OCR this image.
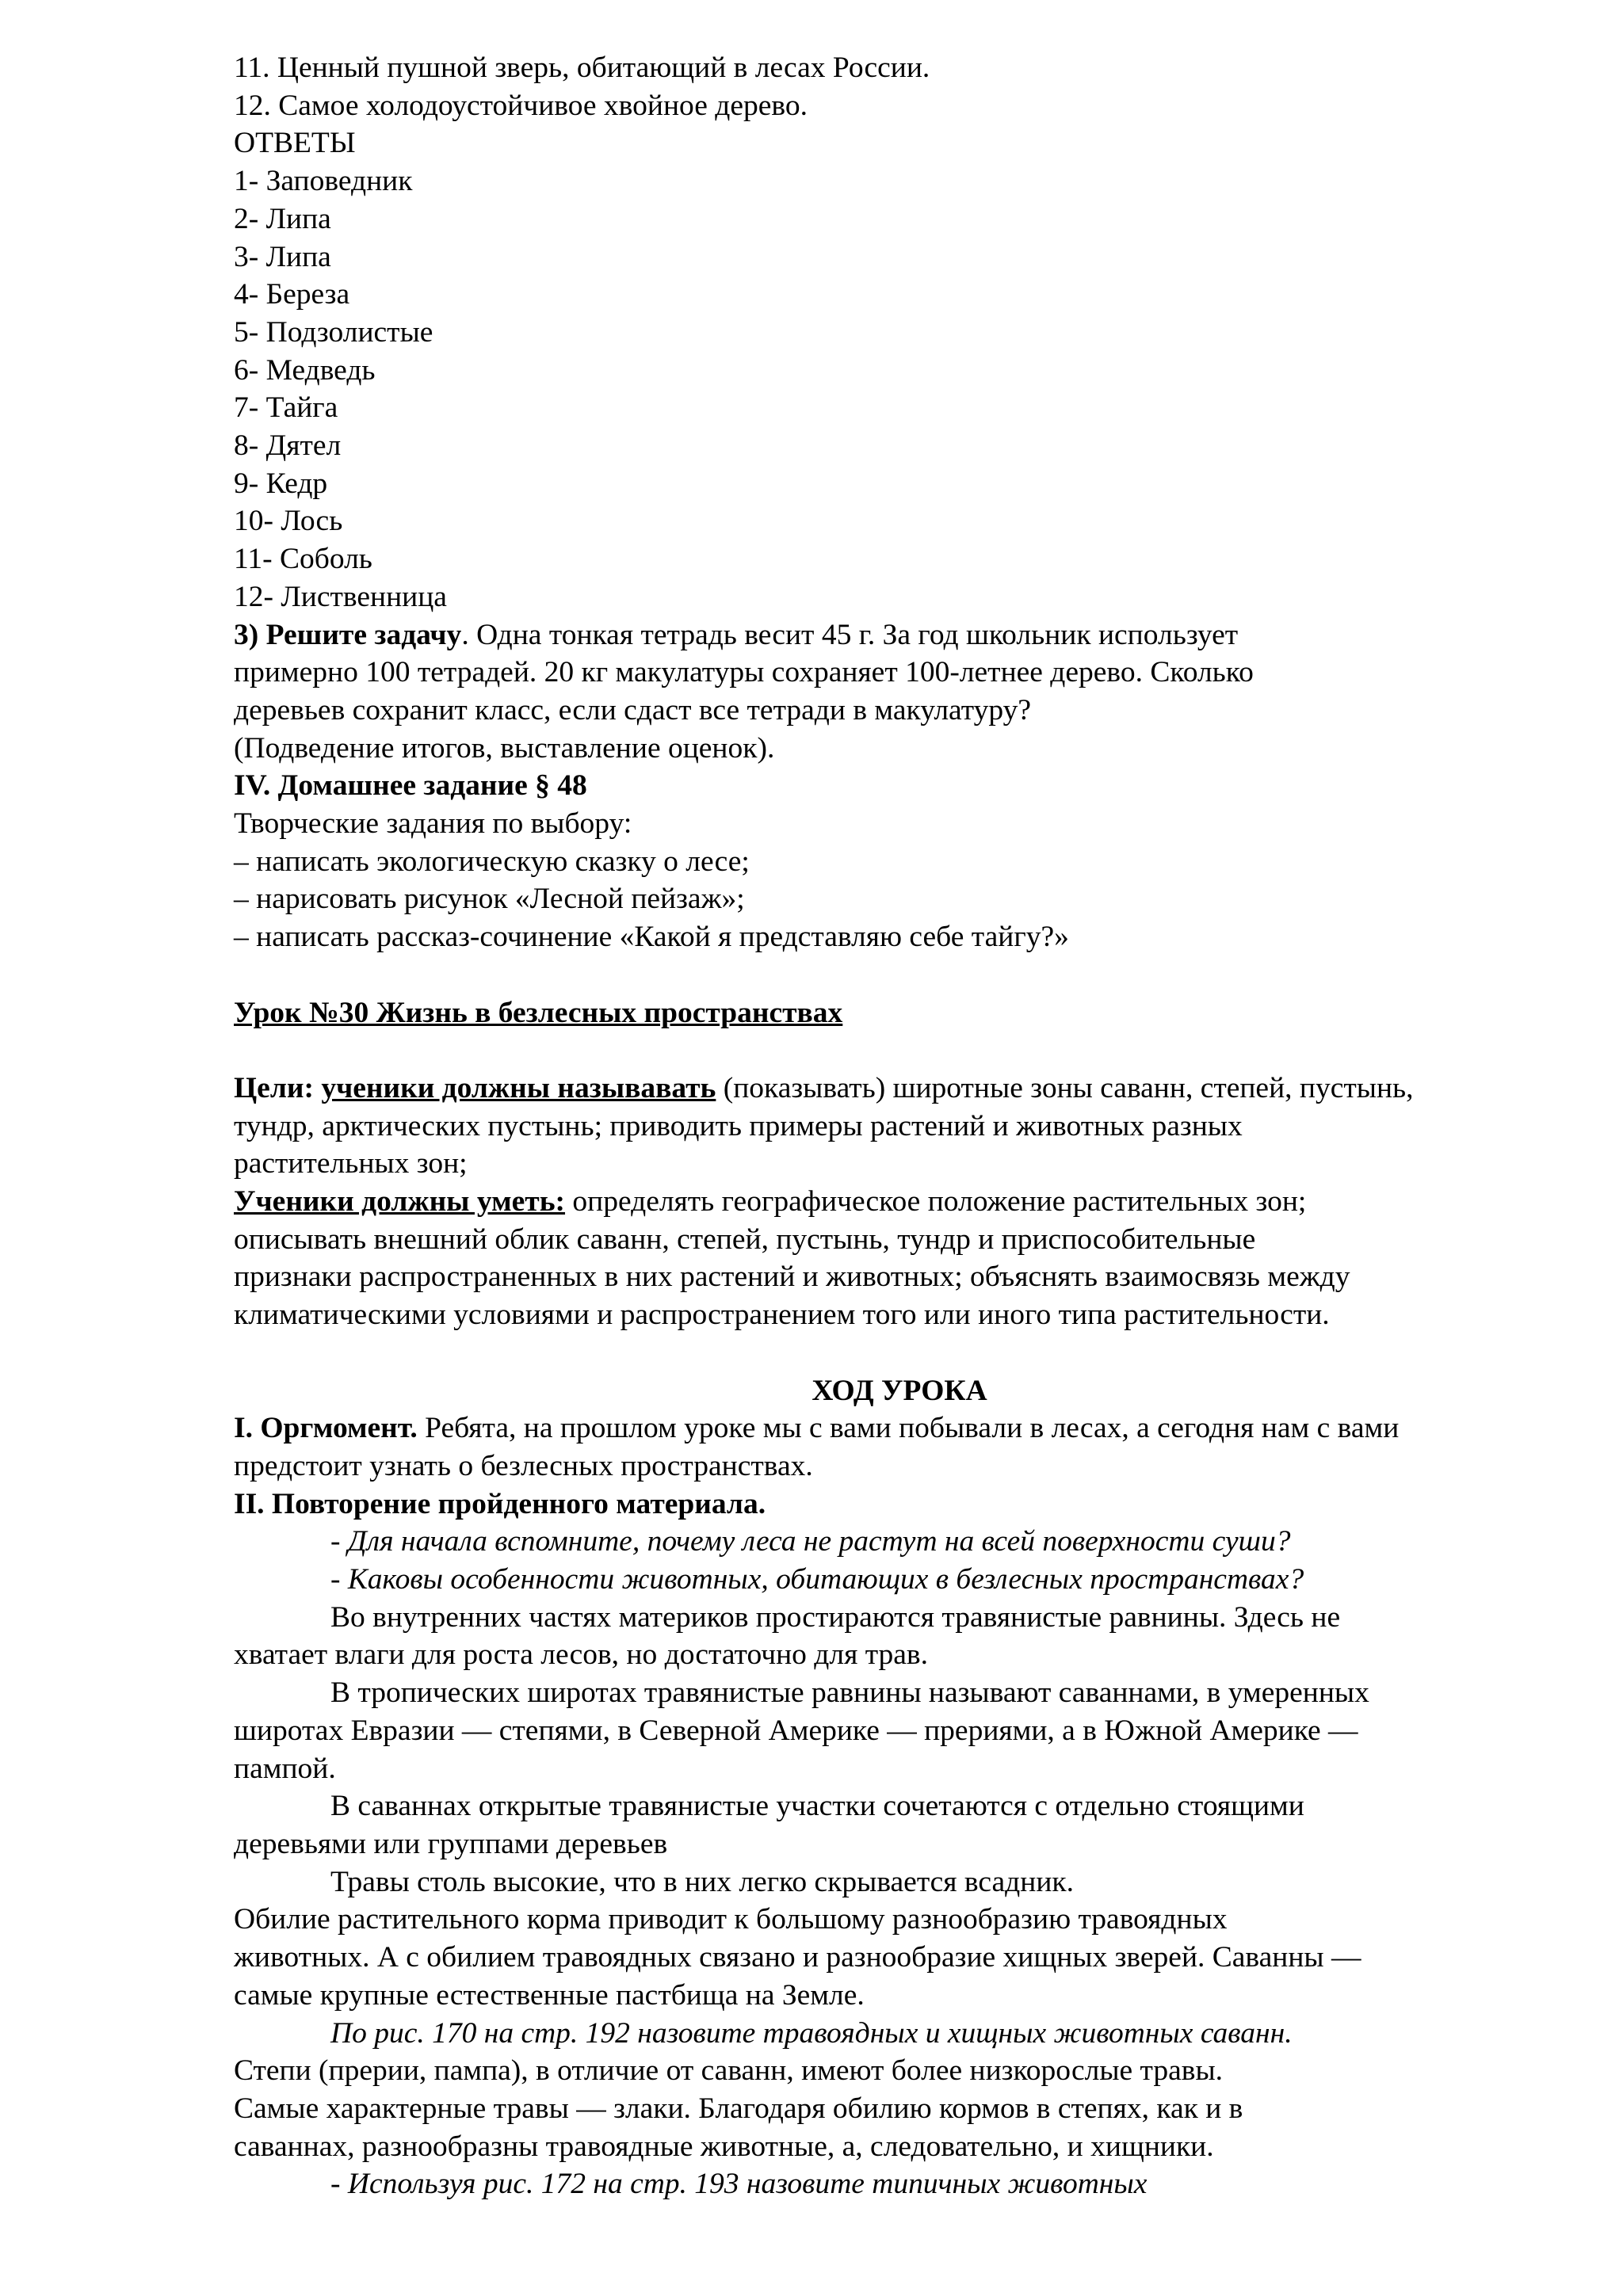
11. Ценный пушной зверь, обитающий в лесах России.
12. Самое холодоустойчивое хвойное дерево.
ОТВЕТЫ
1- Заповедник
2- Липа
3- Липа
4- Береза
5- Подзолистые
6- Медведь
7- Тайга
8- Дятел
9- Кедр
10- Лось
11- Соболь
12- Лиственница
3) Решите задачу. Одна тонкая тетрадь весит 45 г. За год школьник использует
примерно 100 тетрадей. 20 кг макулатуры сохраняет 100-летнее дерево. Сколько
деревьев сохранит класс, если сдаст все тетради в макулатуру?
(Подведение итогов, выставление оценок).
IV. Домашнее задание § 48
Творческие задания по выбору:
– написать экологическую сказку о лесе;
– нарисовать рисунок «Лесной пейзаж»;
– написать рассказ-сочинение «Какой я представляю себе тайгу?»
Урок №30 Жизнь в безлесных пространствах
Цели: ученики должны называвать (показывать) широтные зоны саванн, степей, пустынь,
тундр, арктических пустынь; приводить примеры растений и животных разных
растительных зон;
Ученики должны уметь: определять географическое положение растительных зон;
описывать внешний облик саванн, степей, пустынь, тундр и приспособительные
признаки распространенных в них растений и животных; объяснять взаимосвязь между
климатическими условиями и распространением того или иного типа растительности.
ХОД УРОКА
I. Оргмомент. Ребята, на прошлом уроке мы с вами побывали в лесах, а сегодня нам с вами
предстоит узнать о безлесных пространствах.
II. Повторение пройденного материала.
- Для начала вспомните, почему леса не растут на всей поверхности суши?
- Каковы особенности животных, обитающих в безлесных пространствах?
Во внутренних частях материков простираются травянистые равнины. Здесь не
хватает влаги для роста лесов, но достаточно для трав.
В тропических широтах травянистые равнины называют саваннами, в умеренных
широтах Евразии — степями, в Северной Америке — прериями, а в Южной Америке —
пампой.
В саваннах открытые травянистые участки сочетаются с отдельно стоящими
деревьями или группами деревьев
Травы столь высокие, что в них легко скрывается всадник.
Обилие растительного корма приводит к большому разнообразию травоядных
животных. А с обилием травоядных связано и разнообразие хищных зверей. Саванны —
самые крупные естественные пастбища на Земле.
По рис. 170 на стр. 192 назовите травоядных и хищных животных саванн.
Степи (прерии, пампа), в отличие от саванн, имеют более низкорослые травы.
Самые характерные травы — злаки. Благодаря обилию кормов в степях, как и в
саваннах, разнообразны травоядные животные, а, следовательно, и хищники.
- Используя рис. 172 на стр. 193 назовите типичных животных
